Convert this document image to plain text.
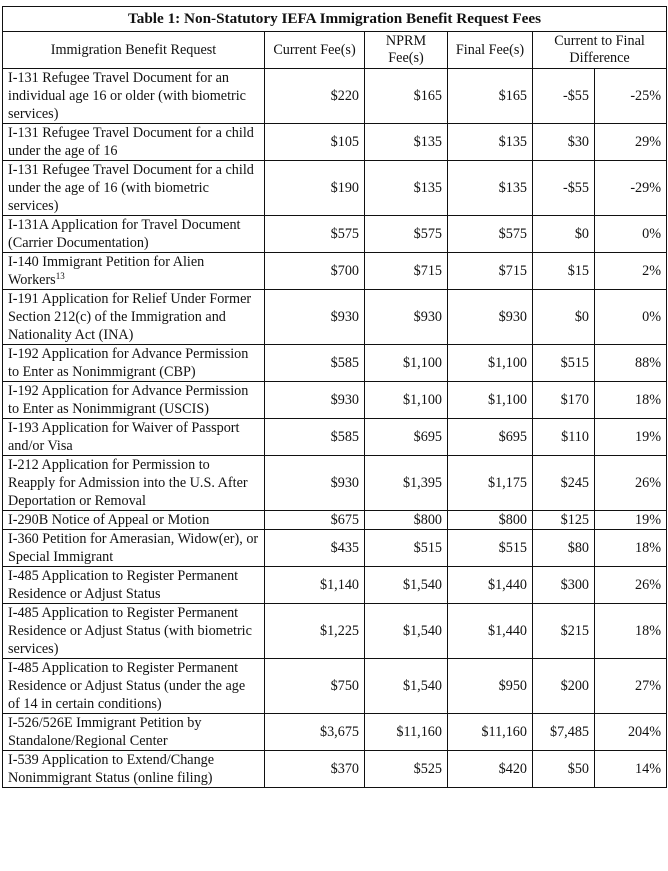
Table 1: Non-Statutory IEFA Immigration Benefit Request Fees					
Immigration Benefit Request	Current Fee(s)	NPRM Fee(s)	Final Fee(s)	Current to Final Difference	
I-131 Refugee Travel Document for an individual age 16 or older (with biometric services)	$220	$165	$165	-$55	-25%
I-131 Refugee Travel Document for a child under the age of 16	$105	$135	$135	$30	29%
I-131 Refugee Travel Document for a child under the age of 16 (with biometric services)	$190	$135	$135	-$55	-29%
I-131A Application for Travel Document (Carrier Documentation)	$575	$575	$575	$0	0%
I-140 Immigrant Petition for Alien Workers$^{13}$	$700	$715	$715	$15	2%
I-191 Application for Relief Under Former Section 212(c) of the Immigration and Nationality Act (INA)	$930	$930	$930	$0	0%
I-192 Application for Advance Permission to Enter as Nonimmigrant (CBP)	$585	$1,100	$1,100	$515	88%
I-192 Application for Advance Permission to Enter as Nonimmigrant (USCIS)	$930	$1,100	$1,100	$170	18%
I-193 Application for Waiver of Passport and/or Visa	$585	$695	$695	$110	19%
I-212 Application for Permission to Reapply for Admission into the U.S. After Deportation or Removal	$930	$1,395	$1,175	$245	26%
I-290B Notice of Appeal or Motion	$675	$800	$800	$125	19%
I-360 Petition for Amerasian, Widow(er), or Special Immigrant	$435	$515	$515	$80	18%
I-485 Application to Register Permanent Residence or Adjust Status	$1,140	$1,540	$1,440	$300	26%
I-485 Application to Register Permanent Residence or Adjust Status (with biometric services)	$1,225	$1,540	$1,440	$215	18%
I-485 Application to Register Permanent Residence or Adjust Status (under the age of 14 in certain conditions)	$750	$1,540	$950	$200	27%
I-526/526E Immigrant Petition by Standalone/Regional Center	$3,675	$11,160	$11,160	$7,485	204%
I-539 Application to Extend/Change Nonimmigrant Status (online filing)	$370	$525	$420	$50	14%
